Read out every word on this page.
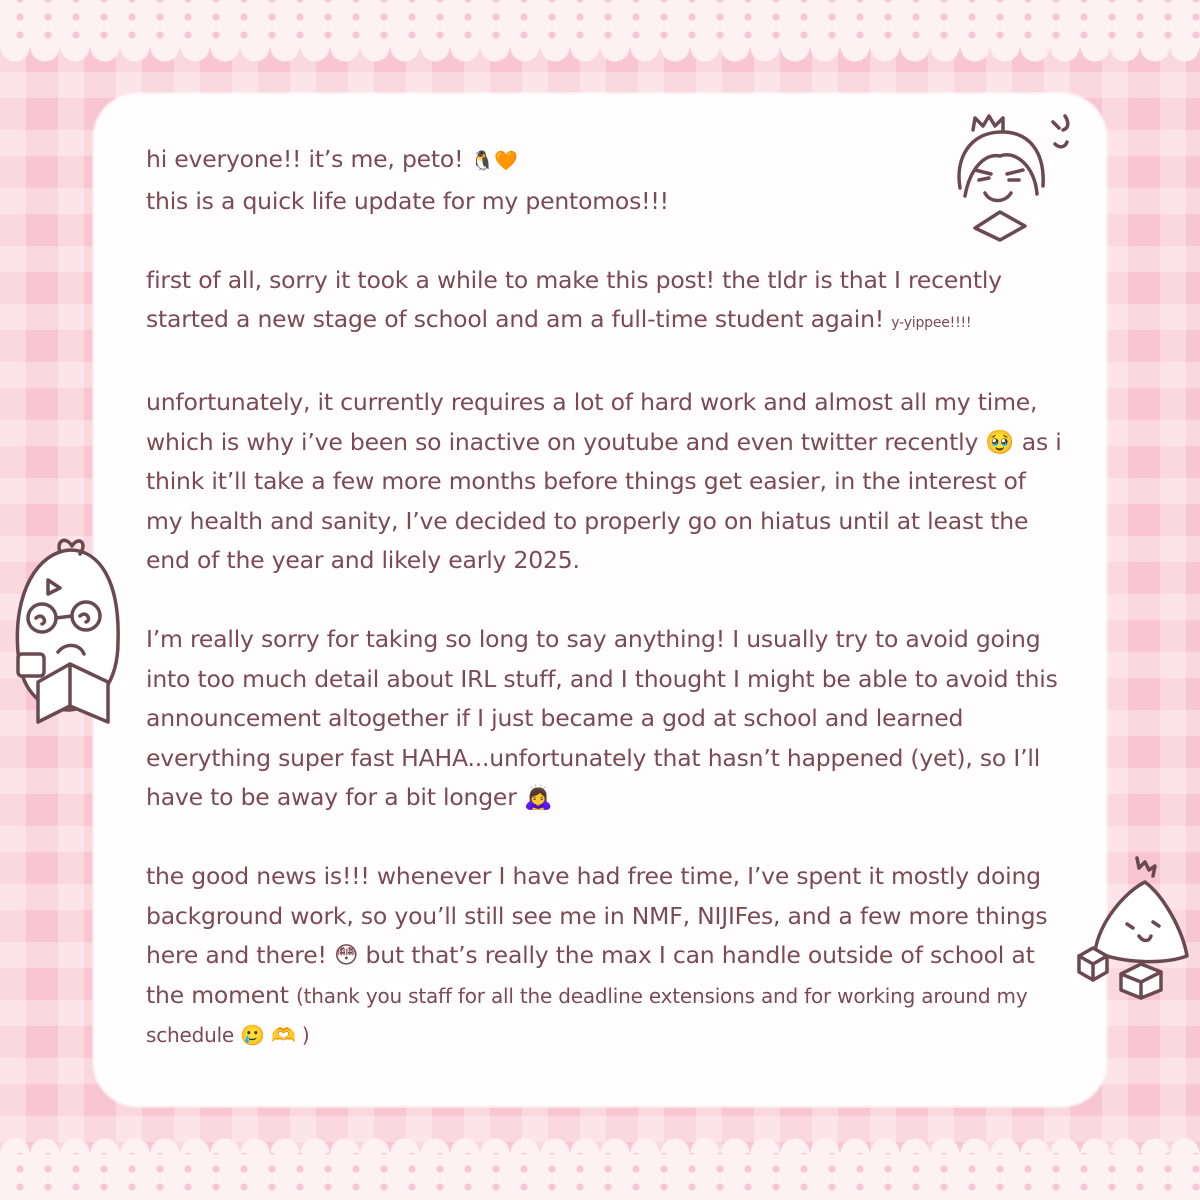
hi everyone!! it’s me, peto! 🐧🧡
this is a quick life update for my pentomos!!!

first of all, sorry it took a while to make this post! the tldr is that I recently started a new stage of school and am a full-time student again! y-yippee!!!!

unfortunately, it currently requires a lot of hard work and almost all my time, which is why i’ve been so inactive on youtube and even twitter recently 🥹 as i think it’ll take a few more months before things get easier, in the interest of my health and sanity, I’ve decided to properly go on hiatus until at least the end of the year and likely early 2025.

I’m really sorry for taking so long to say anything! I usually try to avoid going into too much detail about IRL stuff, and I thought I might be able to avoid this announcement altogether if I just became a god at school and learned everything super fast HAHA...unfortunately that hasn’t happened (yet), so I’ll have to be away for a bit longer 🙇‍♀️

the good news is!!! whenever I have had free time, I’ve spent it mostly doing background work, so you’ll still see me in NMF, NIJIFes, and a few more things here and there! 😳 but that’s really the max I can handle outside of school at the moment (thank you staff for all the deadline extensions and for working around my schedule 🥲 🫶 )
